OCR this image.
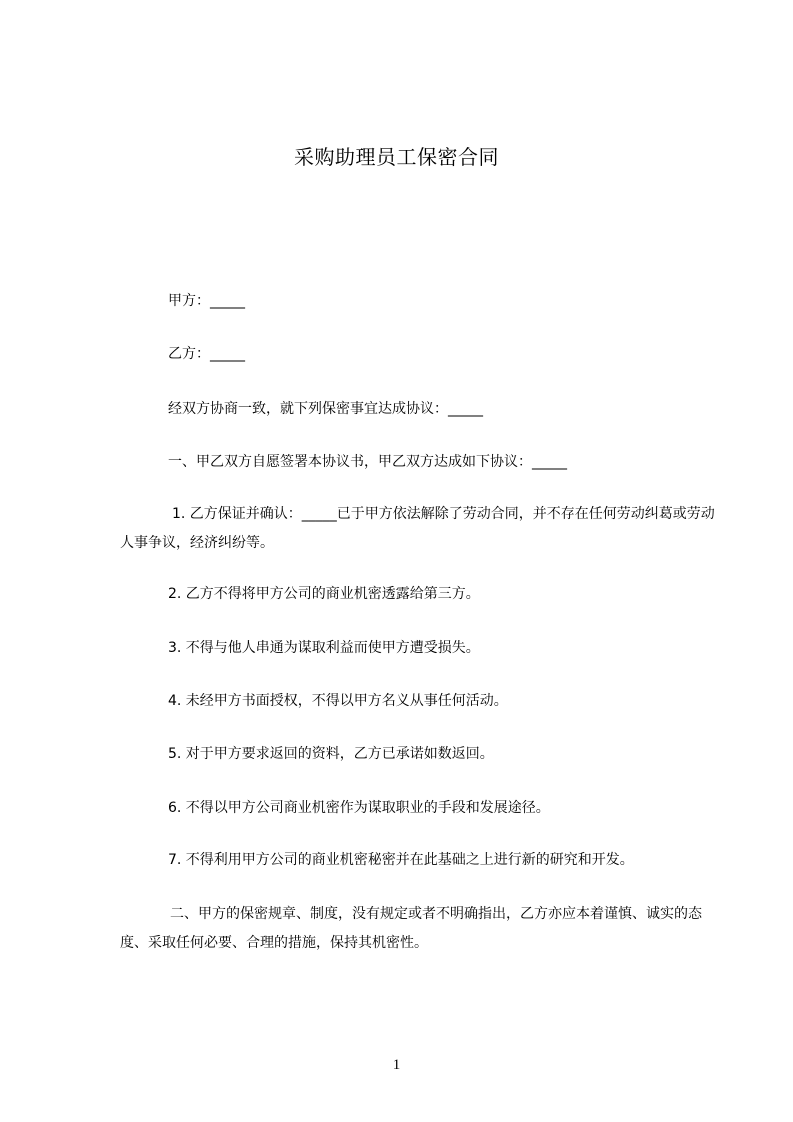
采购助理员工保密合同
甲方：_____
乙方：_____
经双方协商一致，就下列保密事宜达成协议：_____
一、甲乙双方自愿签署本协议书，甲乙双方达成如下协议：_____
1. 乙方保证并确认：_____已于甲方依法解除了劳动合同，并不存在任何劳动纠葛或劳动人事争议，经济纠纷等。
2. 乙方不得将甲方公司的商业机密透露给第三方。
3. 不得与他人串通为谋取利益而使甲方遭受损失。
4. 未经甲方书面授权，不得以甲方名义从事任何活动。
5. 对于甲方要求返回的资料，乙方已承诺如数返回。
6. 不得以甲方公司商业机密作为谋取职业的手段和发展途径。
7. 不得利用甲方公司的商业机密秘密并在此基础之上进行新的研究和开发。
二、甲方的保密规章、制度，没有规定或者不明确指出，乙方亦应本着谨慎、诚实的态度、采取任何必要、合理的措施，保持其机密性。
1
